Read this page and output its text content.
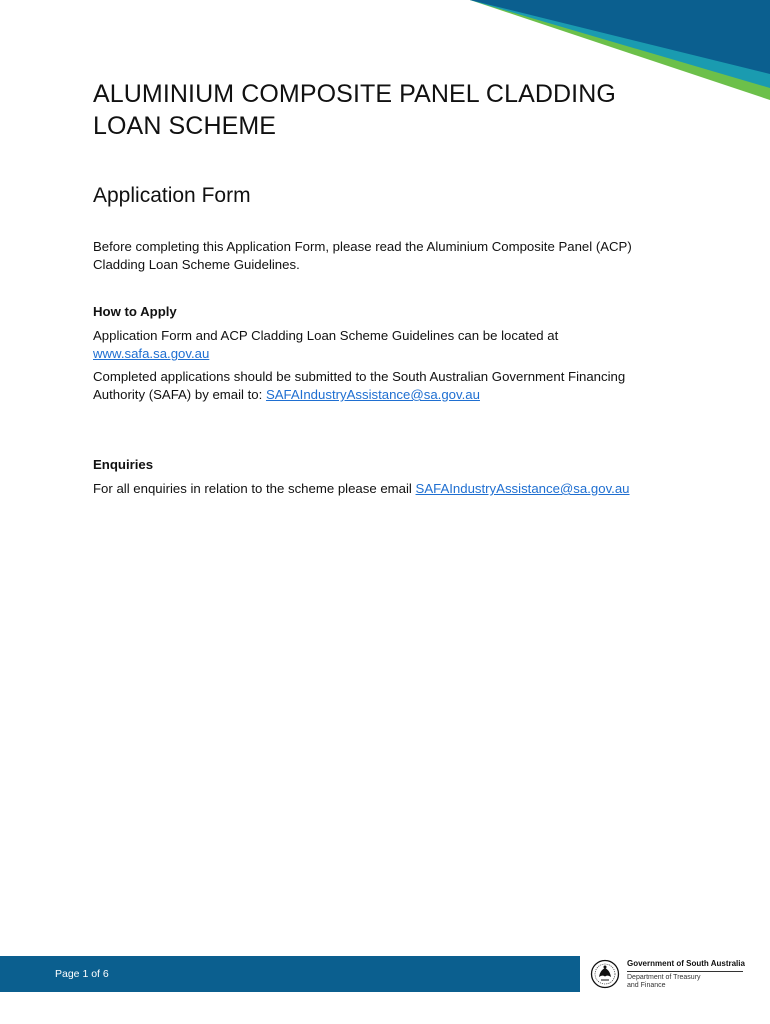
ALUMINIUM COMPOSITE PANEL CLADDING
LOAN SCHEME
Application Form

Before completing this Application Form, please read the Aluminium Composite Panel (ACP)
Cladding Loan Scheme Guidelines.

How to Apply

Application Form and ACP Cladding Loan Scheme Guidelines can be located at
www.safa.sa.gov.au

Completed applications should be submitted to the South Australian Government Financing
Authority (SAFA) by email to: SAFAIndustryAssistance@sa.gov.au

Enquiries

For all enquiries in relation to the scheme please email SAFAIndustryAssistance@sa.gov.au

Page 1 of 6
Government of South Australia
Department of Treasury
and Finance
